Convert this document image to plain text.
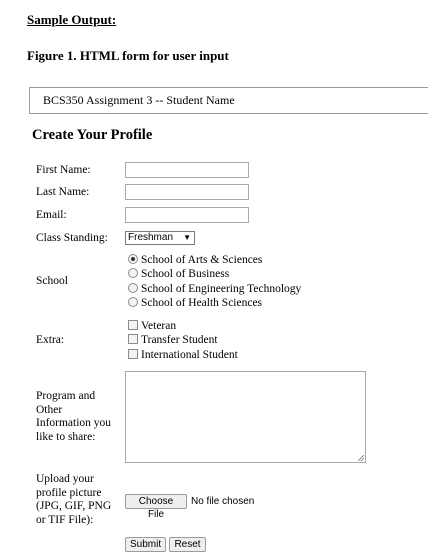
Sample Output:
Figure 1. HTML form for user input
BCS350 Assignment 3 -- Student Name
Create Your Profile
First Name:
Last Name:
Email:
Class Standing:	Freshman ▼
School
School of Arts & Sciences
School of Business
School of Engineering Technology
School of Health Sciences
Extra:
Veteran
Transfer Student
International Student
Program and
Other
Information you
like to share:
Upload your
profile picture
(JPG, GIF, PNG
or TIF File):
Choose File
No file chosen
Submit	Reset
